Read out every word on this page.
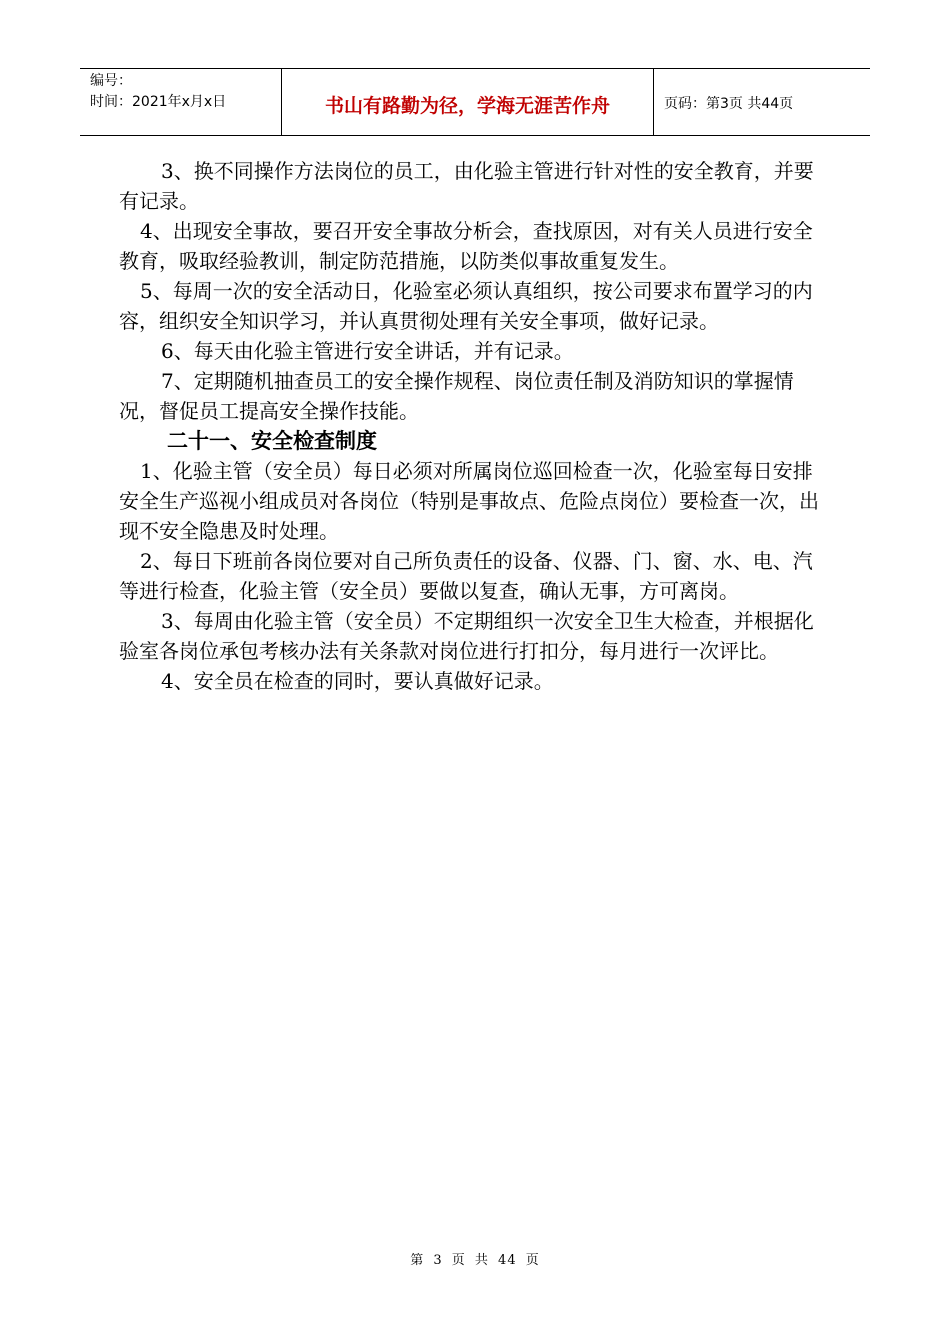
编号：
时间：2021年x月x日	书山有路勤为径，学海无涯苦作舟	页码：第3页 共44页

3、换不同操作方法岗位的员工，由化验主管进行针对性的安全教育，并要有记录。

4、出现安全事故，要召开安全事故分析会，查找原因，对有关人员进行安全教育，吸取经验教训，制定防范措施，以防类似事故重复发生。

5、每周一次的安全活动日，化验室必须认真组织，按公司要求布置学习的内容，组织安全知识学习，并认真贯彻处理有关安全事项，做好记录。

6、每天由化验主管进行安全讲话，并有记录。

7、定期随机抽查员工的安全操作规程、岗位责任制及消防知识的掌握情况，督促员工提高安全操作技能。

二十一、安全检查制度

1、化验主管（安全员）每日必须对所属岗位巡回检查一次，化验室每日安排安全生产巡视小组成员对各岗位（特别是事故点、危险点岗位）要检查一次，出现不安全隐患及时处理。

2、每日下班前各岗位要对自己所负责任的设备、仪器、门、窗、水、电、汽等进行检查，化验主管（安全员）要做以复查，确认无事，方可离岗。

3、每周由化验主管（安全员）不定期组织一次安全卫生大检查，并根据化验室各岗位承包考核办法有关条款对岗位进行打扣分，每月进行一次评比。

4、安全员在检查的同时，要认真做好记录。

第 3 页 共 44 页
